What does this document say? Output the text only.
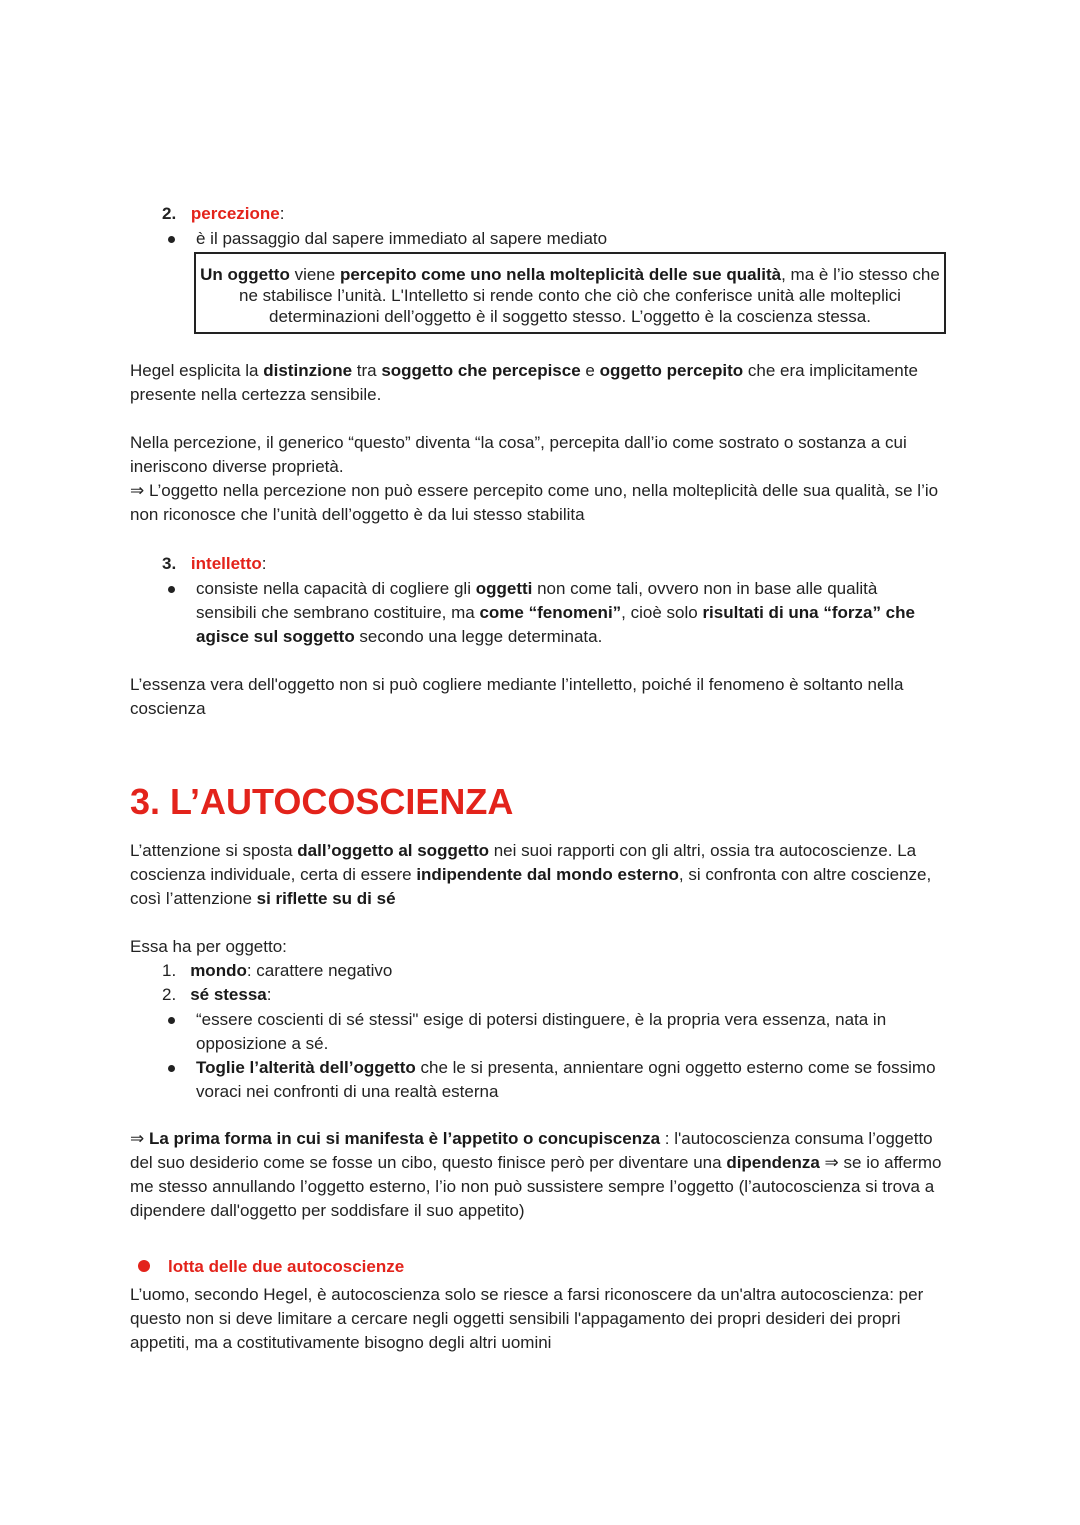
2. percezione:
è il passaggio dal sapere immediato al sapere mediato

Un oggetto viene percepito come uno nella molteplicità delle sue qualità, ma è l’io stesso che ne stabilisce l’unità. L'Intelletto si rende conto che ciò che conferisce unità alle molteplici determinazioni dell’oggetto è il soggetto stesso. L’oggetto è la coscienza stessa.

Hegel esplicita la distinzione tra soggetto che percepisce e oggetto percepito che era implicitamente presente nella certezza sensibile.

Nella percezione, il generico “questo” diventa “la cosa”, percepita dall’io come sostrato o sostanza a cui ineriscono diverse proprietà.

⇒ L’oggetto nella percezione non può essere percepito come uno, nella molteplicità delle sua qualità, se l’io non riconosce che l’unità dell’oggetto è da lui stesso stabilita

3. intelletto:

consiste nella capacità di cogliere gli oggetti non come tali, ovvero non in base alle qualità sensibili che sembrano costituire, ma come “fenomeni”, cioè solo risultati di una “forza” che agisce sul soggetto secondo una legge determinata.

L’essenza vera dell'oggetto non si può cogliere mediante l’intelletto, poiché il fenomeno è soltanto nella coscienza

3. L’AUTOCOSCIENZA

L’attenzione si sposta dall’oggetto al soggetto nei suoi rapporti con gli altri, ossia tra autocoscienze. La coscienza individuale, certa di essere indipendente dal mondo esterno, si confronta con altre coscienze, così l’attenzione si riflette su di sé

Essa ha per oggetto:
1. mondo: carattere negativo
2. sé stessa:

“essere coscienti di sé stessi" esige di potersi distinguere, è la propria vera essenza, nata in opposizione a sé.

Toglie l’alterità dell’oggetto che le si presenta, annientare ogni oggetto esterno come se fossimo voraci nei confronti di una realtà esterna

⇒ La prima forma in cui si manifesta è l’appetito o concupiscenza : l'autocoscienza consuma l’oggetto del suo desiderio come se fosse un cibo, questo finisce però per diventare una dipendenza ⇒ se io affermo me stesso annullando l’oggetto esterno, l’io non può sussistere sempre l’oggetto (l’autocoscienza si trova a dipendere dall'oggetto per soddisfare il suo appetito)

lotta delle due autocoscienze

L’uomo, secondo Hegel, è autocoscienza solo se riesce a farsi riconoscere da un'altra autocoscienza: per questo non si deve limitare a cercare negli oggetti sensibili l'appagamento dei propri desideri dei propri appetiti, ma a costitutivamente bisogno degli altri uomini
